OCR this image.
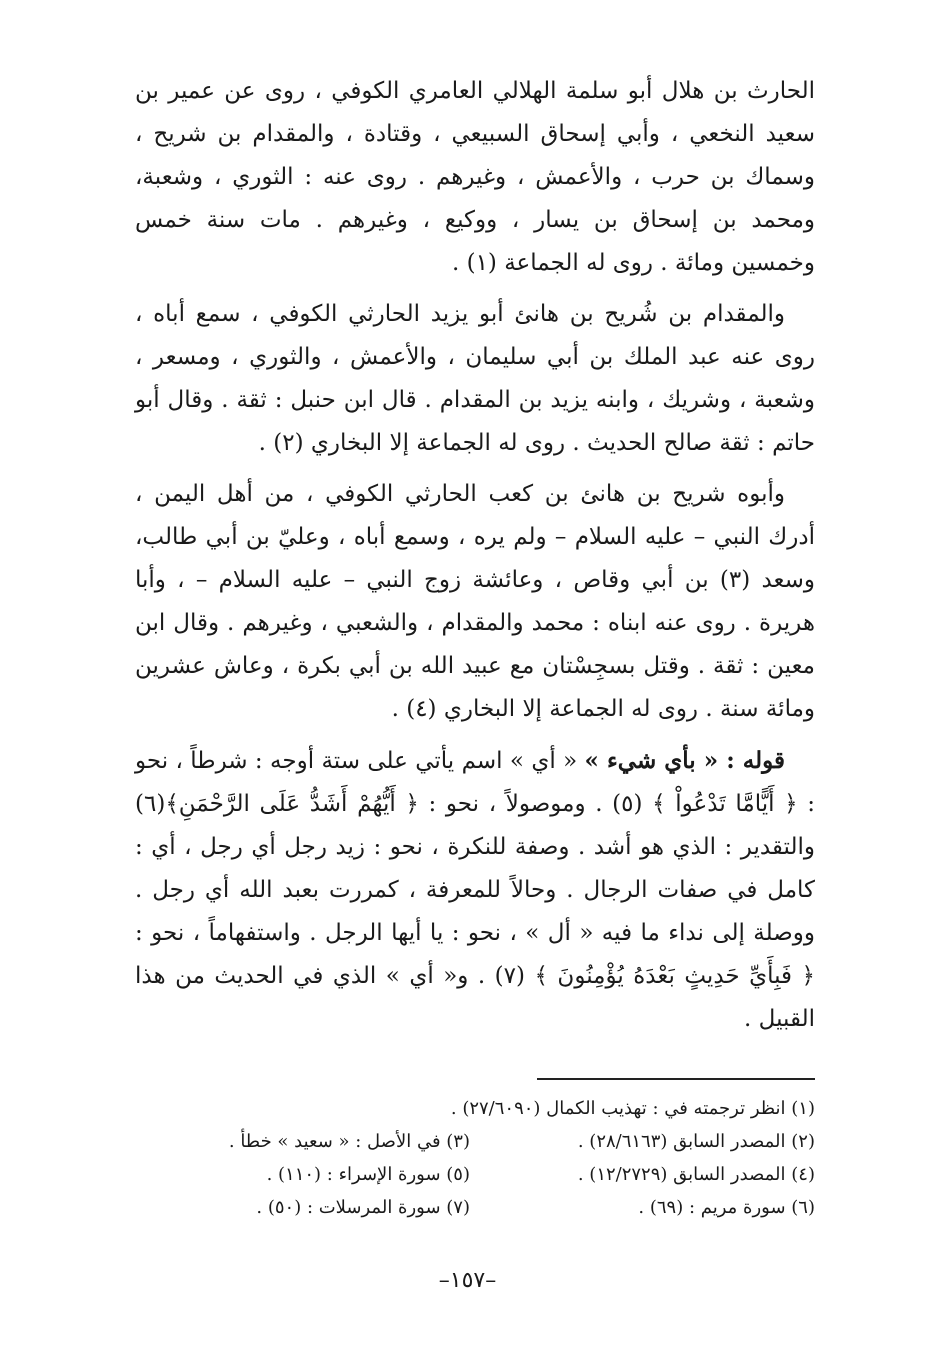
الحارث بن هلال أبو سلمة الهلالي العامري الكوفي ، روى عن عمير بن سعيد النخعي ، وأبي إسحاق السبيعي ، وقتادة ، والمقدام بن شريح ، وسماك بن حرب ، والأعمش ، وغيرهم . روى عنه : الثوري ، وشعبة، ومحمد بن إسحاق بن يسار ، ووكيع ، وغيرهم . مات سنة خمس وخمسين ومائة . روى له الجماعة (١) .

والمقدام بن شُريح بن هانئ أبو يزيد الحارثي الكوفي ، سمع أباه ، روى عنه عبد الملك بن أبي سليمان ، والأعمش ، والثوري ، ومسعر ، وشعبة ، وشريك ، وابنه يزيد بن المقدام . قال ابن حنبل : ثقة . وقال أبو حاتم : ثقة صالح الحديث . روى له الجماعة إلا البخاري (٢) .

وأبوه شريح بن هانئ بن كعب الحارثي الكوفي ، من أهل اليمن ، أدرك النبي – عليه السلام – ولم يره ، وسمع أباه ، وعليّ بن أبي طالب، وسعد (٣) بن أبي وقاص ، وعائشة زوج النبي – عليه السلام – ، وأبا هريرة . روى عنه ابناه : محمد والمقدام ، والشعبي ، وغيرهم . وقال ابن معين : ثقة . وقتل بسجِسْتان مع عبيد الله بن أبي بكرة ، وعاش عشرين ومائة سنة . روى له الجماعة إلا البخاري (٤) .

قوله : « بأي شيء » « أي » اسم يأتي على ستة أوجه : شرطاً ، نحو : ﴿ أَيًّامَّا تَدْعُواْ ﴾ (٥) . وموصولاً ، نحو : ﴿ أَيُّهُمْ أَشَدُّ عَلَى الرَّحْمَنِ﴾(٦) والتقدير : الذي هو أشد . وصفة للنكرة ، نحو : زيد رجل أي رجل ، أي : كامل في صفات الرجال . وحالاً للمعرفة ، كمررت بعبد الله أي رجل . ووصلة إلى نداء ما فيه « أل » ، نحو : يا أيها الرجل . واستفهاماً ، نحو : ﴿ فَبِأَيِّ حَدِيثٍ بَعْدَهُ يُؤْمِنُونَ ﴾ (٧) . و« أي » الذي في الحديث من هذا القبيل .

(١) انظر ترجمته في : تهذيب الكمال (٢٧/٦٠٩٠) .
(٢) المصدر السابق (٢٨/٦١٦٣) .
(٣) في الأصل : « سعيد » خطأ .
(٤) المصدر السابق (١٢/٢٧٢٩) .
(٥) سورة الإسراء : (١١٠) .
(٦) سورة مريم : (٦٩) .
(٧) سورة المرسلات : (٥٠) .
–١٥٧–
